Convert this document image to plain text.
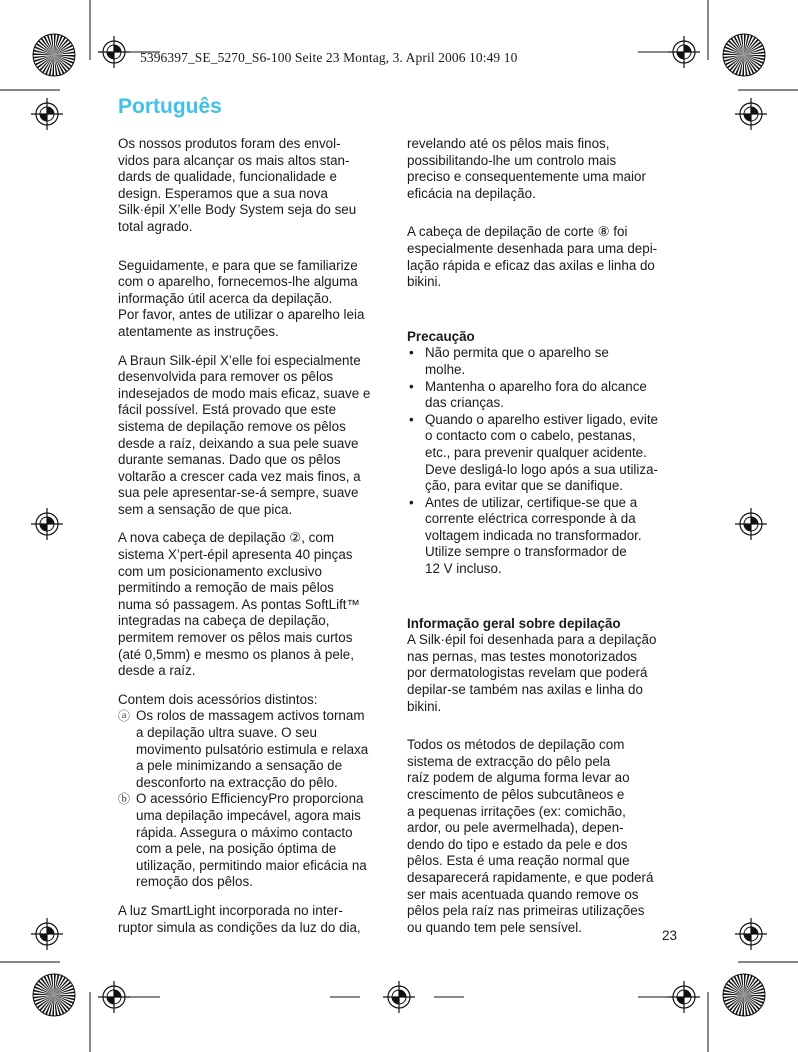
5396397_SE_5270_S6-100 Seite 23 Montag, 3. April 2006 10:49 10
Português

Os nossos produtos foram des envol-
vidos para alcançar os mais altos stan-
dards de qualidade, funcionalidade e
design. Esperamos que a sua nova
Silk·épil X’elle Body System seja do seu
total agrado.

Seguidamente, e para que se familiarize
com o aparelho, fornecemos-lhe alguma
informação útil acerca da depilação.
Por favor, antes de utilizar o aparelho leia
atentamente as instruções.

A Braun Silk-épil X’elle foi especialmente
desenvolvida para remover os pêlos
indesejados de modo mais eficaz, suave e
fácil possível. Está provado que este
sistema de depilação remove os pêlos
desde a raíz, deixando a sua pele suave
durante semanas. Dado que os pêlos
voltarão a crescer cada vez mais finos, a
sua pele apresentar-se-á sempre, suave
sem a sensação de que pica.

A nova cabeça de depilação ②, com
sistema X’pert-épil apresenta 40 pinças
com um posicionamento exclusivo
permitindo a remoção de mais pêlos
numa só passagem. As pontas SoftLift™
integradas na cabeça de depilação,
permitem remover os pêlos mais curtos
(até 0,5mm) e mesmo os planos à pele,
desde a raíz.

Contem dois acessórios distintos:

ⓐ Os rolos de massagem activos tornam
a depilação ultra suave. O seu
movimento pulsatório estimula e relaxa
a pele minimizando a sensação de
desconforto na extracção do pêlo.
ⓑ O acessório EfficiencyPro proporciona
uma depilação impecável, agora mais
rápida. Assegura o máximo contacto
com a pele, na posição óptima de
utilização, permitindo maior eficácia na
remoção dos pêlos.

A luz SmartLight incorporada no inter-
ruptor simula as condições da luz do dia,

revelando até os pêlos mais finos,
possibilitando-lhe um controlo mais
preciso e consequentemente uma maior
eficácia na depilação.

A cabeça de depilação de corte ⑧ foi
especialmente desenhada para uma depi-
lação rápida e eficaz das axilas e linha do
bikini.

Precaução

• Não permita que o aparelho se
molhe.
• Mantenha o aparelho fora do alcance
das crianças.
• Quando o aparelho estiver ligado, evite
o contacto com o cabelo, pestanas,
etc., para prevenir qualquer acidente.
Deve desligá-lo logo após a sua utiliza-
ção, para evitar que se danifique.
• Antes de utilizar, certifique-se que a
corrente eléctrica corresponde à da
voltagem indicada no transformador.
Utilize sempre o transformador de
12 V incluso.

Informação geral sobre depilação

A Silk·épil foi desenhada para a depilação
nas pernas, mas testes monotorizados
por dermatologistas revelam que poderá
depilar-se também nas axilas e linha do
bikini.

Todos os métodos de depilação com
sistema de extracção do pêlo pela
raíz podem de alguma forma levar ao
crescimento de pêlos subcutâneos e
a pequenas irritações (ex: comichão,
ardor, ou pele avermelhada), depen-
dendo do tipo e estado da pele e dos
pêlos. Esta é uma reação normal que
desaparecerá rapidamente, e que poderá
ser mais acentuada quando remove os
pêlos pela raíz nas primeiras utilizações
ou quando tem pele sensível.

23
